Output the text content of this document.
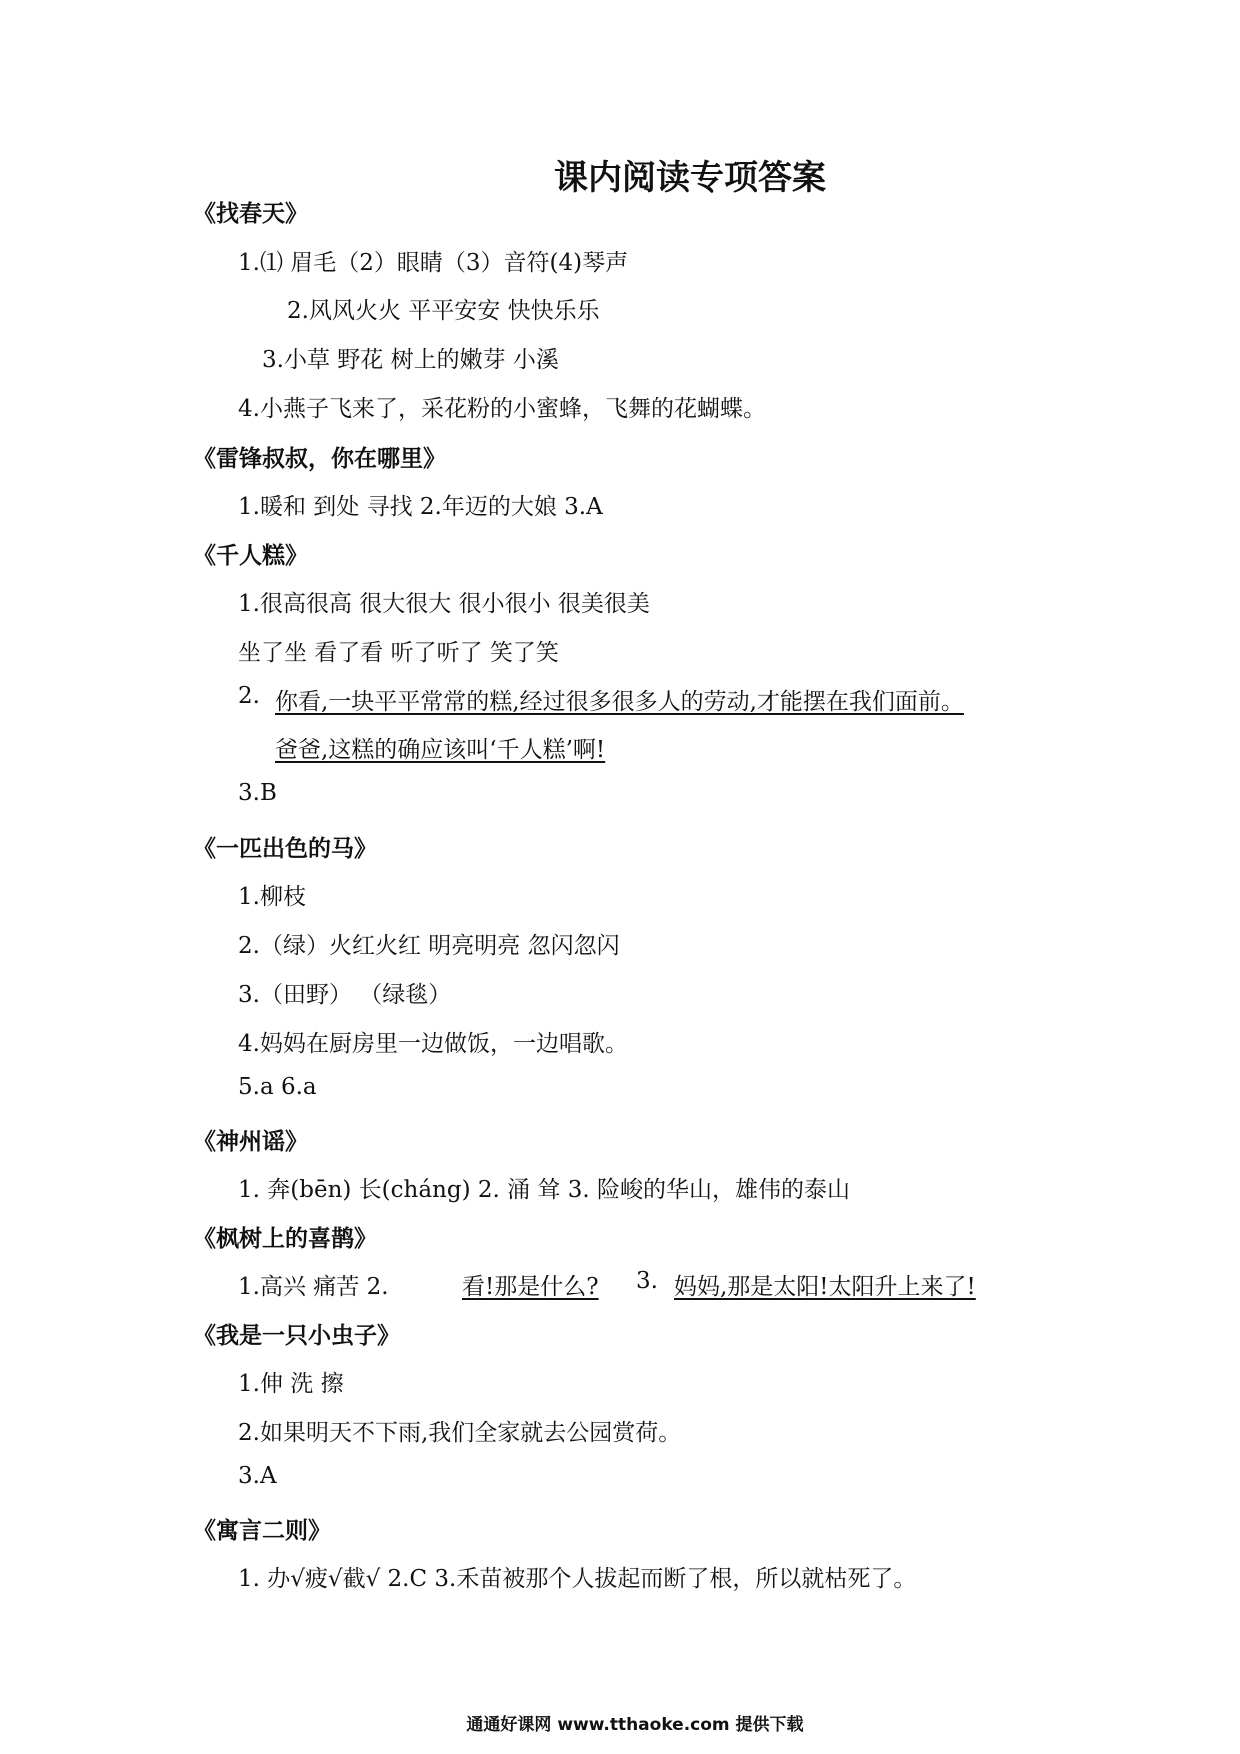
课内阅读专项答案
《找春天》
1.⑴ 眉毛（2）眼睛（3）音符(4)琴声
2.风风火火 平平安安 快快乐乐
3.小草 野花 树上的嫩芽 小溪
4.小燕子飞来了，采花粉的小蜜蜂，飞舞的花蝴蝶。
《雷锋叔叔，你在哪里》
1.暖和 到处 寻找 2.年迈的大娘 3.A
《千人糕》
1.很高很高 很大很大 很小很小 很美很美
坐了坐 看了看 听了听了 笑了笑
2. 你看,一块平平常常的糕,经过很多很多人的劳动,才能摆在我们面前。
爸爸,这糕的确应该叫‘千人糕’啊!
3.B
《一匹出色的马》
1.柳枝
2.（绿）火红火红 明亮明亮 忽闪忽闪
3.（田野） （绿毯）
4.妈妈在厨房里一边做饭，一边唱歌。
5.a 6.a
《神州谣》
1. 奔(bēn) 长(cháng) 2. 涌 耸 3. 险峻的华山，雄伟的泰山
《枫树上的喜鹊》
1.高兴 痛苦 2.	看!那是什么? 3. 妈妈,那是太阳!太阳升上来了!
《我是一只小虫子》
1.伸 洗 擦
2.如果明天不下雨,我们全家就去公园赏荷。
3.A
《寓言二则》
1. 办√疲√截√ 2.C 3.禾苗被那个人拔起而断了根，所以就枯死了。
通通好课网 www.tthaoke.com 提供下载
